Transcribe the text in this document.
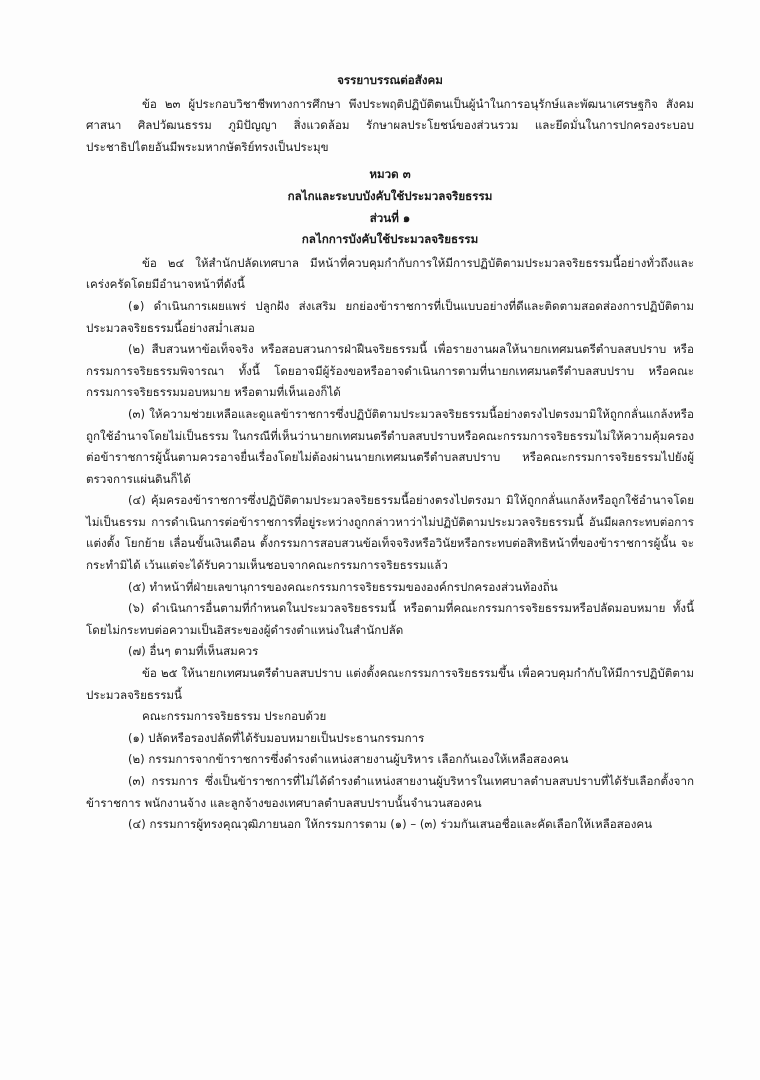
จรรยาบรรณต่อสังคม

ข้อ ๒๓ ผู้ประกอบวิชาชีพทางการศึกษา พึงประพฤติปฏิบัติตนเป็นผู้นำในการอนุรักษ์และพัฒนาเศรษฐกิจ สังคม ศาสนา ศิลปวัฒนธรรม ภูมิปัญญา สิ่งแวดล้อม รักษาผลประโยชน์ของส่วนรวม และยึดมั่นในการปกครองระบอบประชาธิปไตยอันมีพระมหากษัตริย์ทรงเป็นประมุข

หมวด ๓
กลไกและระบบบังคับใช้ประมวลจริยธรรม
ส่วนที่ ๑
กลไกการบังคับใช้ประมวลจริยธรรม

ข้อ ๒๔ ให้สำนักปลัดเทศบาล มีหน้าที่ควบคุมกำกับการให้มีการปฏิบัติตามประมวลจริยธรรมนี้อย่างทั่วถึงและเคร่งครัดโดยมีอำนาจหน้าที่ดังนี้

(๑) ดำเนินการเผยแพร่ ปลูกฝัง ส่งเสริม ยกย่องข้าราชการที่เป็นแบบอย่างที่ดีและติดตามสอดส่องการปฏิบัติตามประมวลจริยธรรมนี้อย่างสม่ำเสมอ

(๒) สืบสวนหาข้อเท็จจริง หรือสอบสวนการฝ่าฝืนจริยธรรมนี้ เพื่อรายงานผลให้นายกเทศมนตรีตำบลสบปราบ หรือกรรมการจริยธรรมพิจารณา ทั้งนี้ โดยอาจมีผู้ร้องขอหรืออาจดำเนินการตามที่นายกเทศมนตรีตำบลสบปราบ หรือคณะกรรมการจริยธรรมมอบหมาย หรือตามที่เห็นเองก็ได้

(๓) ให้ความช่วยเหลือและดูแลข้าราชการซึ่งปฏิบัติตามประมวลจริยธรรมนี้อย่างตรงไปตรงมามิให้ถูกกลั่นแกล้งหรือถูกใช้อำนาจโดยไม่เป็นธรรม ในกรณีที่เห็นว่านายกเทศมนตรีตำบลสบปราบหรือคณะกรรมการจริยธรรมไม่ให้ความคุ้มครองต่อข้าราชการผู้นั้นตามควรอาจยื่นเรื่องโดยไม่ต้องผ่านนายกเทศมนตรีตำบลสบปราบ หรือคณะกรรมการจริยธรรมไปยังผู้ตรวจการแผ่นดินก็ได้

(๔) คุ้มครองข้าราชการซึ่งปฏิบัติตามประมวลจริยธรรมนี้อย่างตรงไปตรงมา มิให้ถูกกลั่นแกล้งหรือถูกใช้อำนาจโดยไม่เป็นธรรม การดำเนินการต่อข้าราชการที่อยู่ระหว่างถูกกล่าวหาว่าไม่ปฏิบัติตามประมวลจริยธรรมนี้ อันมีผลกระทบต่อการแต่งตั้ง โยกย้าย เลื่อนขั้นเงินเดือน ตั้งกรรมการสอบสวนข้อเท็จจริงหรือวินัยหรือกระทบต่อสิทธิหน้าที่ของข้าราชการผู้นั้น จะกระทำมิได้ เว้นแต่จะได้รับความเห็นชอบจากคณะกรรมการจริยธรรมแล้ว

(๕) ทำหน้าที่ฝ่ายเลขานุการของคณะกรรมการจริยธรรมขององค์กรปกครองส่วนท้องถิ่น

(๖) ดำเนินการอื่นตามที่กำหนดในประมวลจริยธรรมนี้ หรือตามที่คณะกรรมการจริยธรรมหรือปลัดมอบหมาย ทั้งนี้ โดยไม่กระทบต่อความเป็นอิสระของผู้ดำรงตำแหน่งในสำนักปลัด

(๗) อื่นๆ ตามที่เห็นสมควร

ข้อ ๒๕ ให้นายกเทศมนตรีตำบลสบปราบ แต่งตั้งคณะกรรมการจริยธรรมขึ้น เพื่อควบคุมกำกับให้มีการปฏิบัติตามประมวลจริยธรรมนี้

คณะกรรมการจริยธรรม ประกอบด้วย

(๑) ปลัดหรือรองปลัดที่ได้รับมอบหมายเป็นประธานกรรมการ

(๒) กรรมการจากข้าราชการซึ่งดำรงตำแหน่งสายงานผู้บริหาร เลือกกันเองให้เหลือสองคน

(๓) กรรมการ ซึ่งเป็นข้าราชการที่ไม่ได้ดำรงตำแหน่งสายงานผู้บริหารในเทศบาลตำบลสบปราบที่ได้รับเลือกตั้งจากข้าราชการ พนักงานจ้าง และลูกจ้างของเทศบาลตำบลสบปราบนั้นจำนวนสองคน

(๔) กรรมการผู้ทรงคุณวุฒิภายนอก ให้กรรมการตาม (๑) – (๓) ร่วมกันเสนอชื่อและคัดเลือกให้เหลือสองคน
